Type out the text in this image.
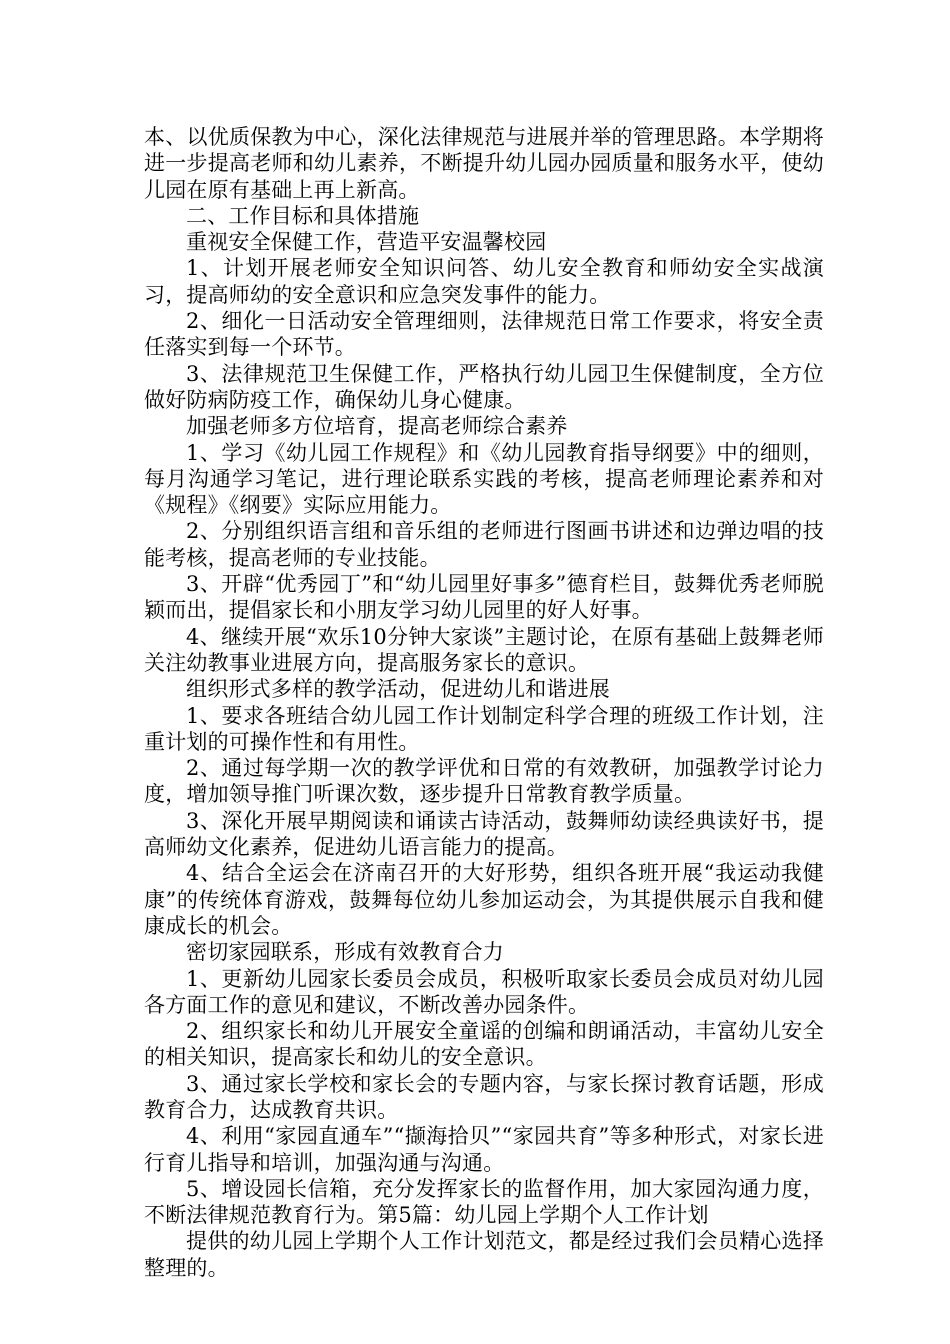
本、以优质保教为中心，深化法律规范与进展并举的管理思路。本学期将进一步提高老师和幼儿素养，不断提升幼儿园办园质量和服务水平，使幼儿园在原有基础上再上新高。

二、工作目标和具体措施

重视安全保健工作，营造平安温馨校园

1、计划开展老师安全知识问答、幼儿安全教育和师幼安全实战演习，提高师幼的安全意识和应急突发事件的能力。

2、细化一日活动安全管理细则，法律规范日常工作要求，将安全责任落实到每一个环节。

3、法律规范卫生保健工作，严格执行幼儿园卫生保健制度，全方位做好防病防疫工作，确保幼儿身心健康。

加强老师多方位培育，提高老师综合素养

1、学习《幼儿园工作规程》和《幼儿园教育指导纲要》中的细则，每月沟通学习笔记，进行理论联系实践的考核，提高老师理论素养和对《规程》《纲要》实际应用能力。

2、分别组织语言组和音乐组的老师进行图画书讲述和边弹边唱的技能考核，提高老师的专业技能。

3、开辟“优秀园丁”和“幼儿园里好事多”德育栏目，鼓舞优秀老师脱颖而出，提倡家长和小朋友学习幼儿园里的好人好事。

4、继续开展“欢乐10分钟大家谈”主题讨论，在原有基础上鼓舞老师关注幼教事业进展方向，提高服务家长的意识。

组织形式多样的教学活动，促进幼儿和谐进展

1、要求各班结合幼儿园工作计划制定科学合理的班级工作计划，注重计划的可操作性和有用性。

2、通过每学期一次的教学评优和日常的有效教研，加强教学讨论力度，增加领导推门听课次数，逐步提升日常教育教学质量。

3、深化开展早期阅读和诵读古诗活动，鼓舞师幼读经典读好书，提高师幼文化素养，促进幼儿语言能力的提高。

4、结合全运会在济南召开的大好形势，组织各班开展“我运动我健康”的传统体育游戏，鼓舞每位幼儿参加运动会，为其提供展示自我和健康成长的机会。

密切家园联系，形成有效教育合力

1、更新幼儿园家长委员会成员，积极听取家长委员会成员对幼儿园各方面工作的意见和建议，不断改善办园条件。

2、组织家长和幼儿开展安全童谣的创编和朗诵活动，丰富幼儿安全的相关知识，提高家长和幼儿的安全意识。

3、通过家长学校和家长会的专题内容，与家长探讨教育话题，形成教育合力，达成教育共识。

4、利用“家园直通车”“撷海拾贝”“家园共育”等多种形式，对家长进行育儿指导和培训，加强沟通与沟通。

5、增设园长信箱，充分发挥家长的监督作用，加大家园沟通力度，不断法律规范教育行为。第5篇：幼儿园上学期个人工作计划

提供的幼儿园上学期个人工作计划范文，都是经过我们会员精心选择整理的。
